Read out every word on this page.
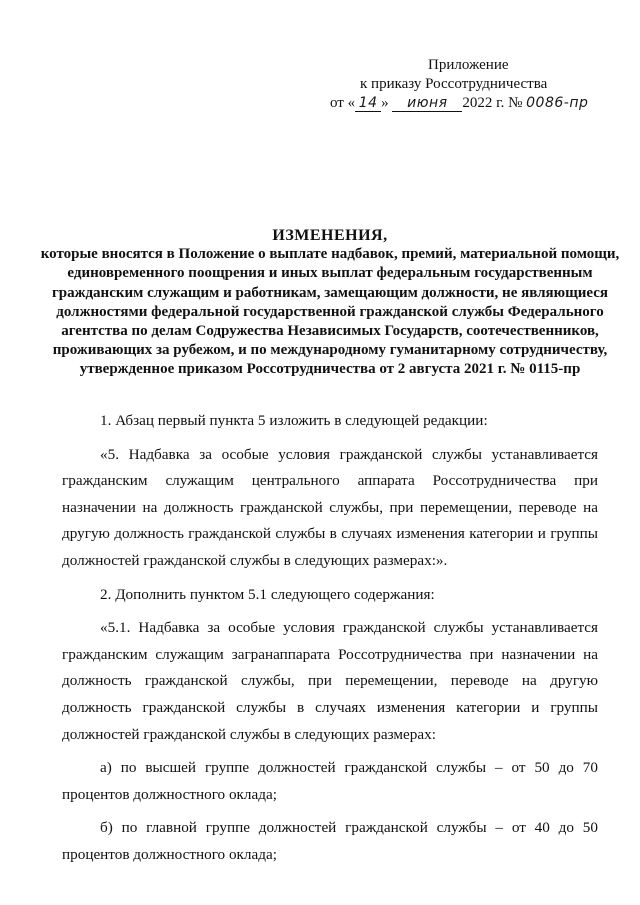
Приложение
к приказу Россотрудничества
от « 14 » июня 2022 г. № 0086-пр
ИЗМЕНЕНИЯ,
которые вносятся в Положение о выплате надбавок, премий, материальной помощи, единовременного поощрения и иных выплат федеральным государственным гражданским служащим и работникам, замещающим должности, не являющиеся должностями федеральной государственной гражданской службы Федерального агентства по делам Содружества Независимых Государств, соотечественников, проживающих за рубежом, и по международному гуманитарному сотрудничеству, утвержденное приказом Россотрудничества от 2 августа 2021 г. № 0115-пр

1. Абзац первый пункта 5 изложить в следующей редакции:

«5. Надбавка за особые условия гражданской службы устанавливается гражданским служащим центрального аппарата Россотрудничества при назначении на должность гражданской службы, при перемещении, переводе на другую должность гражданской службы в случаях изменения категории и группы должностей гражданской службы в следующих размерах:».

2. Дополнить пунктом 5.1 следующего содержания:

«5.1. Надбавка за особые условия гражданской службы устанавливается гражданским служащим загранаппарата Россотрудничества при назначении на должность гражданской службы, при перемещении, переводе на другую должность гражданской службы в случаях изменения категории и группы должностей гражданской службы в следующих размерах:

а) по высшей группе должностей гражданской службы – от 50 до 70 процентов должностного оклада;

б) по главной группе должностей гражданской службы – от 40 до 50 процентов должностного оклада;
